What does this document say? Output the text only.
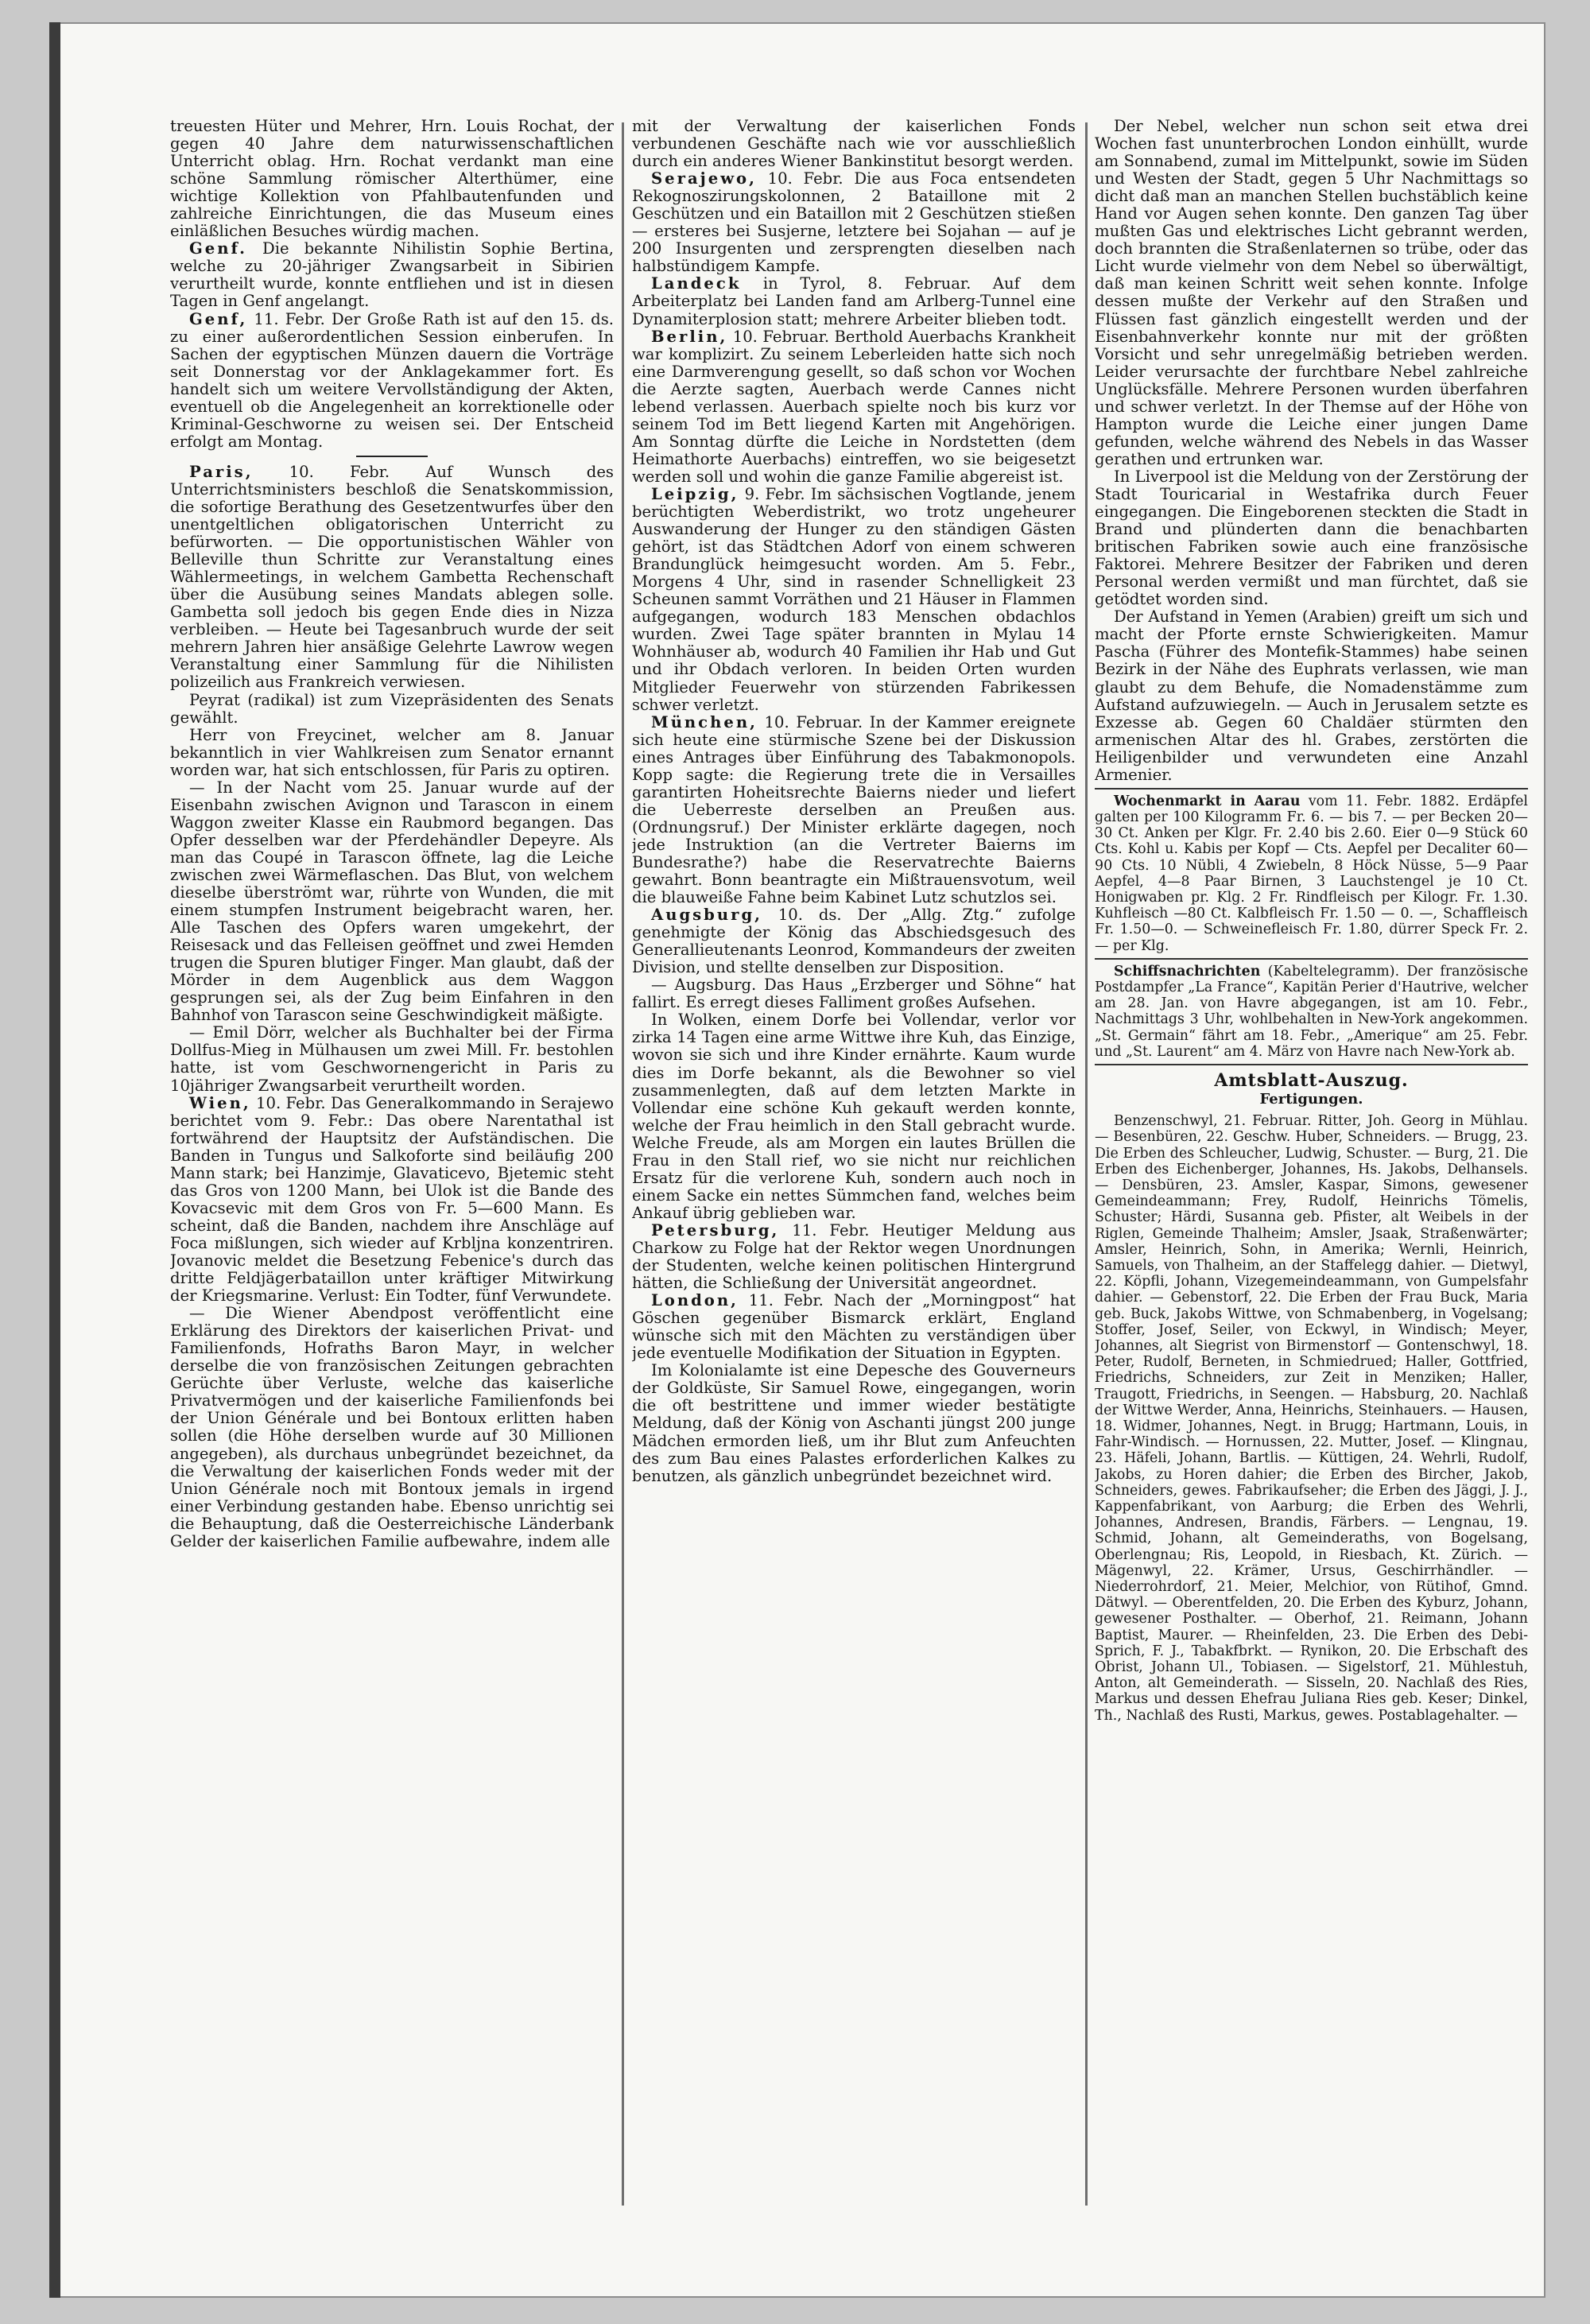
treuesten Hüter und Mehrer, Hrn. Louis Rochat, der gegen 40 Jahre dem naturwissenschaftlichen Unterricht oblag. Hrn. Rochat verdankt man eine schöne Sammlung römischer Alterthümer, eine wichtige Kollektion von Pfahlbautenfunden und zahlreiche Einrichtungen, die das Museum eines einläßlichen Besuches würdig machen.

Genf. Die bekannte Nihilistin Sophie Bertina, welche zu 20-jähriger Zwangsarbeit in Sibirien verurtheilt wurde, konnte entfliehen und ist in diesen Tagen in Genf angelangt.

Genf, 11. Febr. Der Große Rath ist auf den 15. ds. zu einer außerordentlichen Session einberufen. In Sachen der egyptischen Münzen dauern die Vorträge seit Donnerstag vor der Anklagekammer fort. Es handelt sich um weitere Vervollständigung der Akten, eventuell ob die Angelegenheit an korrektionelle oder Kriminal-Geschworne zu weisen sei. Der Entscheid erfolgt am Montag.

Paris, 10. Febr. Auf Wunsch des Unterrichtsministers beschloß die Senatskommission, die sofortige Berathung des Gesetzentwurfes über den unentgeltlichen obligatorischen Unterricht zu befürworten. — Die opportunistischen Wähler von Belleville thun Schritte zur Veranstaltung eines Wählermeetings, in welchem Gambetta Rechenschaft über die Ausübung seines Mandats ablegen solle. Gambetta soll jedoch bis gegen Ende dies in Nizza verbleiben. — Heute bei Tagesanbruch wurde der seit mehrern Jahren hier ansäßige Gelehrte Lawrow wegen Veranstaltung einer Sammlung für die Nihilisten polizeilich aus Frankreich verwiesen.

Peyrat (radikal) ist zum Vizepräsidenten des Senats gewählt.

Herr von Freycinet, welcher am 8. Januar bekanntlich in vier Wahlkreisen zum Senator ernannt worden war, hat sich entschlossen, für Paris zu optiren.

— In der Nacht vom 25. Januar wurde auf der Eisenbahn zwischen Avignon und Tarascon in einem Waggon zweiter Klasse ein Raubmord begangen. Das Opfer desselben war der Pferdehändler Depeyre. Als man das Coupé in Tarascon öffnete, lag die Leiche zwischen zwei Wärmeflaschen. Das Blut, von welchem dieselbe überströmt war, rührte von Wunden, die mit einem stumpfen Instrument beigebracht waren, her. Alle Taschen des Opfers waren umgekehrt, der Reisesack und das Felleisen geöffnet und zwei Hemden trugen die Spuren blutiger Finger. Man glaubt, daß der Mörder in dem Augenblick aus dem Waggon gesprungen sei, als der Zug beim Einfahren in den Bahnhof von Tarascon seine Geschwindigkeit mäßigte.

— Emil Dörr, welcher als Buchhalter bei der Firma Dollfus-Mieg in Mülhausen um zwei Mill. Fr. bestohlen hatte, ist vom Geschwornengericht in Paris zu 10jähriger Zwangsarbeit verurtheilt worden.

Wien, 10. Febr. Das Generalkommando in Serajewo berichtet vom 9. Febr.: Das obere Narentathal ist fortwährend der Hauptsitz der Aufständischen. Die Banden in Tungus und Salkoforte sind beiläufig 200 Mann stark; bei Hanzimje, Glavaticevo, Bjetemic steht das Gros von 1200 Mann, bei Ulok ist die Bande des Kovacsevic mit dem Gros von Fr. 5—600 Mann. Es scheint, daß die Banden, nachdem ihre Anschläge auf Foca mißlungen, sich wieder auf Krbljna konzentriren. Jovanovic meldet die Besetzung Febenice's durch das dritte Feldjägerbataillon unter kräftiger Mitwirkung der Kriegsmarine. Verlust: Ein Todter, fünf Verwundete.

— Die Wiener Abendpost veröffentlicht eine Erklärung des Direktors der kaiserlichen Privat- und Familienfonds, Hofraths Baron Mayr, in welcher derselbe die von französischen Zeitungen gebrachten Gerüchte über Verluste, welche das kaiserliche Privatvermögen und der kaiserliche Familienfonds bei der Union Générale und bei Bontoux erlitten haben sollen (die Höhe derselben wurde auf 30 Millionen angegeben), als durchaus unbegründet bezeichnet, da die Verwaltung der kaiserlichen Fonds weder mit der Union Générale noch mit Bontoux jemals in irgend einer Verbindung gestanden habe. Ebenso unrichtig sei die Behauptung, daß die Oesterreichische Länderbank Gelder der kaiserlichen Familie aufbewahre, indem alle

mit der Verwaltung der kaiserlichen Fonds verbundenen Geschäfte nach wie vor ausschließlich durch ein anderes Wiener Bankinstitut besorgt werden.

Serajewo, 10. Febr. Die aus Foca entsendeten Rekognoszirungskolonnen, 2 Bataillone mit 2 Geschützen und ein Bataillon mit 2 Geschützen stießen — ersteres bei Susjerne, letztere bei Sojahan — auf je 200 Insurgenten und zersprengten dieselben nach halbstündigem Kampfe.

Landeck in Tyrol, 8. Februar. Auf dem Arbeiterplatz bei Landen fand am Arlberg-Tunnel eine Dynamiterplosion statt; mehrere Arbeiter blieben todt.

Berlin, 10. Februar. Berthold Auerbachs Krankheit war komplizirt. Zu seinem Leberleiden hatte sich noch eine Darmverengung gesellt, so daß schon vor Wochen die Aerzte sagten, Auerbach werde Cannes nicht lebend verlassen. Auerbach spielte noch bis kurz vor seinem Tod im Bett liegend Karten mit Angehörigen. Am Sonntag dürfte die Leiche in Nordstetten (dem Heimathorte Auerbachs) eintreffen, wo sie beigesetzt werden soll und wohin die ganze Familie abgereist ist.

Leipzig, 9. Febr. Im sächsischen Vogtlande, jenem berüchtigten Weberdistrikt, wo trotz ungeheurer Auswanderung der Hunger zu den ständigen Gästen gehört, ist das Städtchen Adorf von einem schweren Brandunglück heimgesucht worden. Am 5. Febr., Morgens 4 Uhr, sind in rasender Schnelligkeit 23 Scheunen sammt Vorräthen und 21 Häuser in Flammen aufgegangen, wodurch 183 Menschen obdachlos wurden. Zwei Tage später brannten in Mylau 14 Wohnhäuser ab, wodurch 40 Familien ihr Hab und Gut und ihr Obdach verloren. In beiden Orten wurden Mitglieder Feuerwehr von stürzenden Fabrikessen schwer verletzt.

München, 10. Februar. In der Kammer ereignete sich heute eine stürmische Szene bei der Diskussion eines Antrages über Einführung des Tabakmonopols. Kopp sagte: die Regierung trete die in Versailles garantirten Hoheitsrechte Baierns nieder und liefert die Ueberreste derselben an Preußen aus. (Ordnungsruf.) Der Minister erklärte dagegen, noch jede Instruktion (an die Vertreter Baierns im Bundesrathe?) habe die Reservatrechte Baierns gewahrt. Bonn beantragte ein Mißtrauensvotum, weil die blauweiße Fahne beim Kabinet Lutz schutzlos sei.

Augsburg, 10. ds. Der „Allg. Ztg.“ zufolge genehmigte der König das Abschiedsgesuch des Generallieutenants Leonrod, Kommandeurs der zweiten Division, und stellte denselben zur Disposition.

— Augsburg. Das Haus „Erzberger und Söhne“ hat fallirt. Es erregt dieses Falliment großes Aufsehen.

In Wolken, einem Dorfe bei Vollendar, verlor vor zirka 14 Tagen eine arme Wittwe ihre Kuh, das Einzige, wovon sie sich und ihre Kinder ernährte. Kaum wurde dies im Dorfe bekannt, als die Bewohner so viel zusammenlegten, daß auf dem letzten Markte in Vollendar eine schöne Kuh gekauft werden konnte, welche der Frau heimlich in den Stall gebracht wurde. Welche Freude, als am Morgen ein lautes Brüllen die Frau in den Stall rief, wo sie nicht nur reichlichen Ersatz für die verlorene Kuh, sondern auch noch in einem Sacke ein nettes Sümmchen fand, welches beim Ankauf übrig geblieben war.

Petersburg, 11. Febr. Heutiger Meldung aus Charkow zu Folge hat der Rektor wegen Unordnungen der Studenten, welche keinen politischen Hintergrund hätten, die Schließung der Universität angeordnet.

London, 11. Febr. Nach der „Morningpost“ hat Göschen gegenüber Bismarck erklärt, England wünsche sich mit den Mächten zu verständigen über jede eventuelle Modifikation der Situation in Egypten.

Im Kolonialamte ist eine Depesche des Gouverneurs der Goldküste, Sir Samuel Rowe, eingegangen, worin die oft bestrittene und immer wieder bestätigte Meldung, daß der König von Aschanti jüngst 200 junge Mädchen ermorden ließ, um ihr Blut zum Anfeuchten des zum Bau eines Palastes erforderlichen Kalkes zu benutzen, als gänzlich unbegründet bezeichnet wird.

Der Nebel, welcher nun schon seit etwa drei Wochen fast ununterbrochen London einhüllt, wurde am Sonnabend, zumal im Mittelpunkt, sowie im Süden und Westen der Stadt, gegen 5 Uhr Nachmittags so dicht daß man an manchen Stellen buchstäblich keine Hand vor Augen sehen konnte. Den ganzen Tag über mußten Gas und elektrisches Licht gebrannt werden, doch brannten die Straßenlaternen so trübe, oder das Licht wurde vielmehr von dem Nebel so überwältigt, daß man keinen Schritt weit sehen konnte. Infolge dessen mußte der Verkehr auf den Straßen und Flüssen fast gänzlich eingestellt werden und der Eisenbahnverkehr konnte nur mit der größten Vorsicht und sehr unregelmäßig betrieben werden. Leider verursachte der furchtbare Nebel zahlreiche Unglücksfälle. Mehrere Personen wurden überfahren und schwer verletzt. In der Themse auf der Höhe von Hampton wurde die Leiche einer jungen Dame gefunden, welche während des Nebels in das Wasser gerathen und ertrunken war.

In Liverpool ist die Meldung von der Zerstörung der Stadt Touricarial in Westafrika durch Feuer eingegangen. Die Eingeborenen steckten die Stadt in Brand und plünderten dann die benachbarten britischen Fabriken sowie auch eine französische Faktorei. Mehrere Besitzer der Fabriken und deren Personal werden vermißt und man fürchtet, daß sie getödtet worden sind.

Der Aufstand in Yemen (Arabien) greift um sich und macht der Pforte ernste Schwierigkeiten. Mamur Pascha (Führer des Montefik-Stammes) habe seinen Bezirk in der Nähe des Euphrats verlassen, wie man glaubt zu dem Behufe, die Nomadenstämme zum Aufstand aufzuwiegeln. — Auch in Jerusalem setzte es Exzesse ab. Gegen 60 Chaldäer stürmten den armenischen Altar des hl. Grabes, zerstörten die Heiligenbilder und verwundeten eine Anzahl Armenier.

Wochenmarkt in Aarau vom 11. Febr. 1882. Erdäpfel galten per 100 Kilogramm Fr. 6. — bis 7. — per Becken 20—30 Ct. Anken per Klgr. Fr. 2.40 bis 2.60. Eier 0—9 Stück 60 Cts. Kohl u. Kabis per Kopf — Cts. Aepfel per Decaliter 60—90 Cts. 10 Nübli, 4 Zwiebeln, 8 Höck Nüsse, 5—9 Paar Aepfel, 4—8 Paar Birnen, 3 Lauchstengel je 10 Ct. Honigwaben pr. Klg. 2 Fr. Rindfleisch per Kilogr. Fr. 1.30. Kuhfleisch —80 Ct. Kalbfleisch Fr. 1.50 — 0. —, Schaffleisch Fr. 1.50—0. — Schweinefleisch Fr. 1.80, dürrer Speck Fr. 2. — per Klg.

Schiffsnachrichten (Kabeltelegramm). Der französische Postdampfer „La France“, Kapitän Perier d'Hautrive, welcher am 28. Jan. von Havre abgegangen, ist am 10. Febr., Nachmittags 3 Uhr, wohlbehalten in New-York angekommen. „St. Germain“ fährt am 18. Febr., „Amerique“ am 25. Febr. und „St. Laurent“ am 4. März von Havre nach New-York ab.

Amtsblatt-Auszug.

Fertigungen.

Benzenschwyl, 21. Februar. Ritter, Joh. Georg in Mühlau. — Besenbüren, 22. Geschw. Huber, Schneiders. — Brugg, 23. Die Erben des Schleucher, Ludwig, Schuster. — Burg, 21. Die Erben des Eichenberger, Johannes, Hs. Jakobs, Delhansels. — Densbüren, 23. Amsler, Kaspar, Simons, gewesener Gemeindeammann; Frey, Rudolf, Heinrichs Tömelis, Schuster; Härdi, Susanna geb. Pfister, alt Weibels in der Riglen, Gemeinde Thalheim; Amsler, Jsaak, Straßenwärter; Amsler, Heinrich, Sohn, in Amerika; Wernli, Heinrich, Samuels, von Thalheim, an der Staffelegg dahier. — Dietwyl, 22. Köpfli, Johann, Vizegemeindeammann, von Gumpelsfahr dahier. — Gebenstorf, 22. Die Erben der Frau Buck, Maria geb. Buck, Jakobs Wittwe, von Schmabenberg, in Vogelsang; Stoffer, Josef, Seiler, von Eckwyl, in Windisch; Meyer, Johannes, alt Siegrist von Birmenstorf — Gontenschwyl, 18. Peter, Rudolf, Berneten, in Schmiedrued; Haller, Gottfried, Friedrichs, Schneiders, zur Zeit in Menziken; Haller, Traugott, Friedrichs, in Seengen. — Habsburg, 20. Nachlaß der Wittwe Werder, Anna, Heinrichs, Steinhauers. — Hausen, 18. Widmer, Johannes, Negt. in Brugg; Hartmann, Louis, in Fahr-Windisch. — Hornussen, 22. Mutter, Josef. — Klingnau, 23. Häfeli, Johann, Bartlis. — Küttigen, 24. Wehrli, Rudolf, Jakobs, zu Horen dahier; die Erben des Bircher, Jakob, Schneiders, gewes. Fabrikaufseher; die Erben des Jäggi, J. J., Kappenfabrikant, von Aarburg; die Erben des Wehrli, Johannes, Andresen, Brandis, Färbers. — Lengnau, 19. Schmid, Johann, alt Gemeinderaths, von Bogelsang, Oberlengnau; Ris, Leopold, in Riesbach, Kt. Zürich. — Mägenwyl, 22. Krämer, Ursus, Geschirrhändler. — Niederrohrdorf, 21. Meier, Melchior, von Rütihof, Gmnd. Dätwyl. — Oberentfelden, 20. Die Erben des Kyburz, Johann, gewesener Posthalter. — Oberhof, 21. Reimann, Johann Baptist, Maurer. — Rheinfelden, 23. Die Erben des Debi-Sprich, F. J., Tabakfbrkt. — Rynikon, 20. Die Erbschaft des Obrist, Johann Ul., Tobiasen. — Sigelstorf, 21. Mühlestuh, Anton, alt Gemeinderath. — Sisseln, 20. Nachlaß des Ries, Markus und dessen Ehefrau Juliana Ries geb. Keser; Dinkel, Th., Nachlaß des Rusti, Markus, gewes. Postablagehalter. —
